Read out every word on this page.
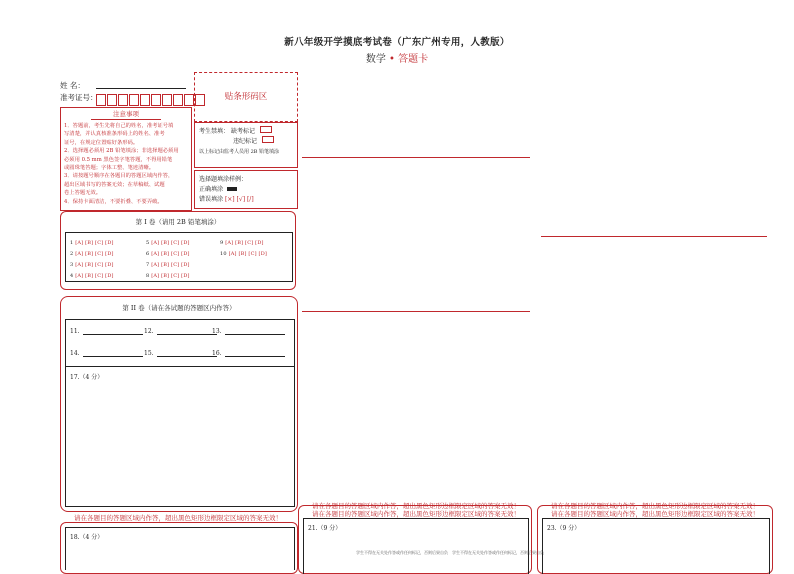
新八年级开学摸底考试卷（广东广州专用，人教版）
数学 • 答题卡
姓 名：
准考证号：	贴条形码区
注意事项
1．答题前，考生先将自己的姓名，准考证号填
写清楚，并认真核准条形码上的姓名、准考
证号，在规定位置贴好条形码。
2．选择题必须用 2B 铅笔填涂；非选择题必须用
必须用 0.5 mm 黑色签字笔答题，不得用铅笔
或圆珠笔答题；字体工整、笔迹清晰。
3．请按题号顺序在各题目的答题区域内作答，
超出区域书写的答案无效；在草稿纸、试题
卷上答题无效。
4．保持卡面清洁，不要折叠、不要弄破。
考生禁填： 缺考标记
违纪标记
以上标记由监考人员用 2B 铅笔填涂
选择题填涂样例：
正确填涂
错误填涂 [×] [√] [/]
第 I 卷（请用 2B 铅笔填涂）
1 [A] [B] [C] [D]
2 [A] [B] [C] [D]
3 [A] [B] [C] [D]
4 [A] [B] [C] [D]
5 [A] [B] [C] [D]
6 [A] [B] [C] [D]
7 [A] [B] [C] [D]
8 [A] [B] [C] [D]
9 [A] [B] [C] [D]
10 [A] [B] [C] [D]
第 II 卷（请在各试题的答题区内作答）
11.	12.	13.
14.	15.	16.
17.（4 分）
请在各题目的答题区域内作答，超出黑色矩形边框限定区域的答案无效！
请在各题目的答题区域内作答，超出黑色矩形边框限定区域的答案无效！
请在各题目的答题区域内作答，超出黑色矩形边框限定区域的答案无效！
请在各题目的答题区域内作答，超出黑色矩形边框限定区域的答案无效！
请在各题目的答题区域内作答，超出黑色矩形边框限定区域的答案无效！
18.（4 分）
21.（9 分）	23.（9 分）
学生不得在无关处作答或作任何标记，否则后果自负 学生不得在无关处作答或作任何标记，否则后果自负
